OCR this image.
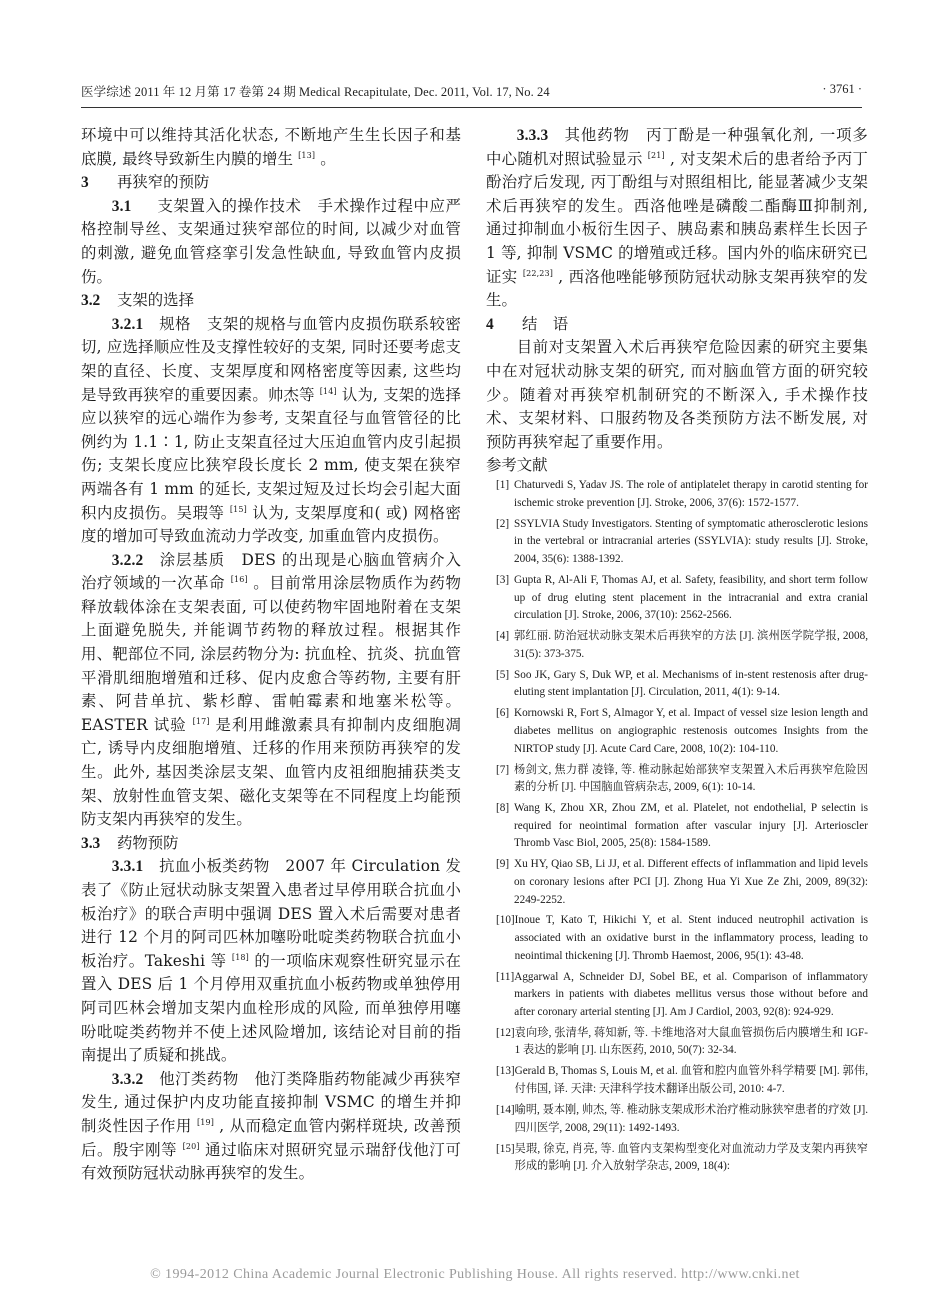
医学综述 2011 年 12 月第 17 卷第 24 期 Medical Recapitulate, Dec. 2011, Vol. 17, No. 24	· 3761 ·

环境中可以维持其活化状态, 不断地产生生长因子和基底膜, 最终导致新生内膜的增生 [13] 。

3 再狭窄的预防

3.1  支架置入的操作技术　 手术操作过程中应严格控制导丝、支架通过狭窄部位的时间, 以减少对血管的刺激, 避免血管痉挛引发急性缺血, 导致血管内皮损伤。

3.2 支架的选择

3.2.1  规格　 支架的规格与血管内皮损伤联系较密切, 应选择顺应性及支撑性较好的支架, 同时还要考虑支架的直径、长度、支架厚度和网格密度等因素, 这些均是导致再狭窄的重要因素。帅杰等 [14] 认为, 支架的选择应以狭窄的远心端作为参考, 支架直径与血管管径的比例约为 1.1∶1, 防止支架直径过大压迫血管内皮引起损伤; 支架长度应比狭窄段长度长 2 mm, 使支架在狭窄两端各有 1 mm 的延长, 支架过短及过长均会引起大面积内皮损伤。吴瑕等 [15] 认为, 支架厚度和( 或) 网格密度的增加可导致血流动力学改变, 加重血管内皮损伤。

3.2.2  涂层基质　 DES 的出现是心脑血管病介入治疗领域的一次革命 [16] 。目前常用涂层物质作为药物释放载体涂在支架表面, 可以使药物牢固地附着在支架上面避免脱失, 并能调节药物的释放过程。根据其作用、靶部位不同, 涂层药物分为: 抗血栓、抗炎、抗血管平滑肌细胞增殖和迁移、促内皮愈合等药物, 主要有肝素、阿昔单抗、紫杉醇、雷帕霉素和地塞米松等。EASTER 试验 [17] 是利用雌激素具有抑制内皮细胞凋亡, 诱导内皮细胞增殖、迁移的作用来预防再狭窄的发生。此外, 基因类涂层支架、血管内皮祖细胞捕获类支架、放射性血管支架、磁化支架等在不同程度上均能预防支架内再狭窄的发生。

3.3 药物预防

3.3.1  抗血小板类药物　 2007 年 Circulation 发表了《防止冠状动脉支架置入患者过早停用联合抗血小板治疗》的联合声明中强调 DES 置入术后需要对患者进行 12 个月的阿司匹林加噻吩吡啶类药物联合抗血小板治疗。Takeshi 等 [18] 的一项临床观察性研究显示在置入 DES 后 1 个月停用双重抗血小板药物或单独停用阿司匹林会增加支架内血栓形成的风险, 而单独停用噻吩吡啶类药物并不使上述风险增加, 该结论对目前的指南提出了质疑和挑战。

3.3.2  他汀类药物　 他汀类降脂药物能减少再狭窄发生, 通过保护内皮功能直接抑制 VSMC 的增生并抑制炎性因子作用 [19] , 从而稳定血管内粥样斑块, 改善预后。殷宇刚等 [20] 通过临床对照研究显示瑞舒伐他汀可有效预防冠状动脉再狭窄的发生。

3.3.3  其他药物　 丙丁酚是一种强氧化剂, 一项多中心随机对照试验显示 [21] , 对支架术后的患者给予丙丁酚治疗后发现, 丙丁酚组与对照组相比, 能显著减少支架术后再狭窄的发生。西洛他唑是磷酸二酯酶Ⅲ抑制剂, 通过抑制血小板衍生因子、胰岛素和胰岛素样生长因子 1 等, 抑制 VSMC 的增殖或迁移。国内外的临床研究已证实 [22,23] , 西洛他唑能够预防冠状动脉支架再狭窄的发生。

4 结　语

目前对支架置入术后再狭窄危险因素的研究主要集中在对冠状动脉支架的研究, 而对脑血管方面的研究较少。随着对再狭窄机制研究的不断深入, 手术操作技术、支架材料、口服药物及各类预防方法不断发展, 对预防再狭窄起了重要作用。

参考文献

[1] Chaturvedi S, Yadav JS. The role of antiplatelet therapy in carotid stenting for ischemic stroke prevention [J]. Stroke, 2006, 37(6): 1572-1577.
[2] SSYLVIA Study Investigators. Stenting of symptomatic atherosclerotic lesions in the vertebral or intracranial arteries (SSYLVIA): study results [J]. Stroke, 2004, 35(6): 1388-1392.
[3] Gupta R, Al-Ali F, Thomas AJ, et al. Safety, feasibility, and short term follow up of drug eluting stent placement in the intracranial and extra cranial circulation [J]. Stroke, 2006, 37(10): 2562-2566.
[4] 郭红丽. 防治冠状动脉支架术后再狭窄的方法 [J]. 滨州医学院学报, 2008, 31(5): 373-375.
[5] Soo JK, Gary S, Duk WP, et al. Mechanisms of in-stent restenosis after drug-eluting stent implantation [J]. Circulation, 2011, 4(1): 9-14.
[6] Kornowski R, Fort S, Almagor Y, et al. Impact of vessel size lesion length and diabetes mellitus on angiographic restenosis outcomes Insights from the NIRTOP study [J]. Acute Card Care, 2008, 10(2): 104-110.
[7] 杨剑文, 焦力群 凌锋, 等. 椎动脉起始部狭窄支架置入术后再狭窄危险因素的分析 [J]. 中国脑血管病杂志, 2009, 6(1): 10-14.
[8] Wang K, Zhou XR, Zhou ZM, et al. Platelet, not endothelial, P selectin is required for neointimal formation after vascular injury [J]. Arterioscler Thromb Vasc Biol, 2005, 25(8): 1584-1589.
[9] Xu HY, Qiao SB, Li JJ, et al. Different effects of inflammation and lipid levels on coronary lesions after PCI [J]. Zhong Hua Yi Xue Ze Zhi, 2009, 89(32): 2249-2252.
[10] Inoue T, Kato T, Hikichi Y, et al. Stent induced neutrophil activation is associated with an oxidative burst in the inflammatory process, leading to neointimal thickening [J]. Thromb Haemost, 2006, 95(1): 43-48.
[11] Aggarwal A, Schneider DJ, Sobel BE, et al. Comparison of inflammatory markers in patients with diabetes mellitus versus those without before and after coronary arterial stenting [J]. Am J Cardiol, 2003, 92(8): 924-929.
[12] 袁向珍, 张清华, 蒋知新, 等. 卡维地洛对大鼠血管损伤后内膜增生和 IGF-1 表达的影响 [J]. 山东医药, 2010, 50(7): 32-34.
[13] Gerald B, Thomas S, Louis M, et al. 血管和腔内血管外科学精要 [M]. 郭伟, 付伟国, 译. 天津: 天津科学技术翻译出版公司, 2010: 4-7.
[14] 喻明, 聂本刚, 帅杰, 等. 椎动脉支架成形术治疗椎动脉狭窄患者的疗效 [J]. 四川医学, 2008, 29(11): 1492-1493.
[15] 吴瑕, 徐克, 肖亮, 等. 血管内支架构型变化对血流动力学及支架内再狭窄形成的影响 [J]. 介入放射学杂志, 2009, 18(4):
© 1994-2012 China Academic Journal Electronic Publishing House. All rights reserved. http://www.cnki.net
